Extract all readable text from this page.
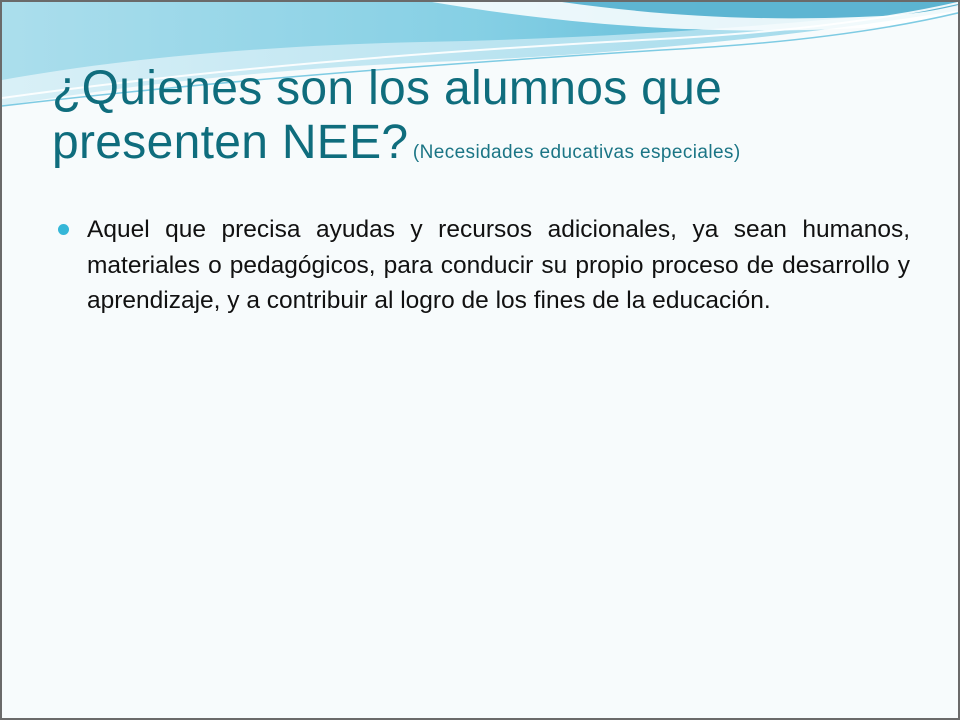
¿Quienes son los alumnos que
presenten NEE? (Necesidades educativas especiales)
Aquel que precisa ayudas y recursos adicionales, ya sean humanos, materiales o pedagógicos, para conducir su propio proceso de desarrollo y aprendizaje, y a contribuir al logro de los fines de la educación.
